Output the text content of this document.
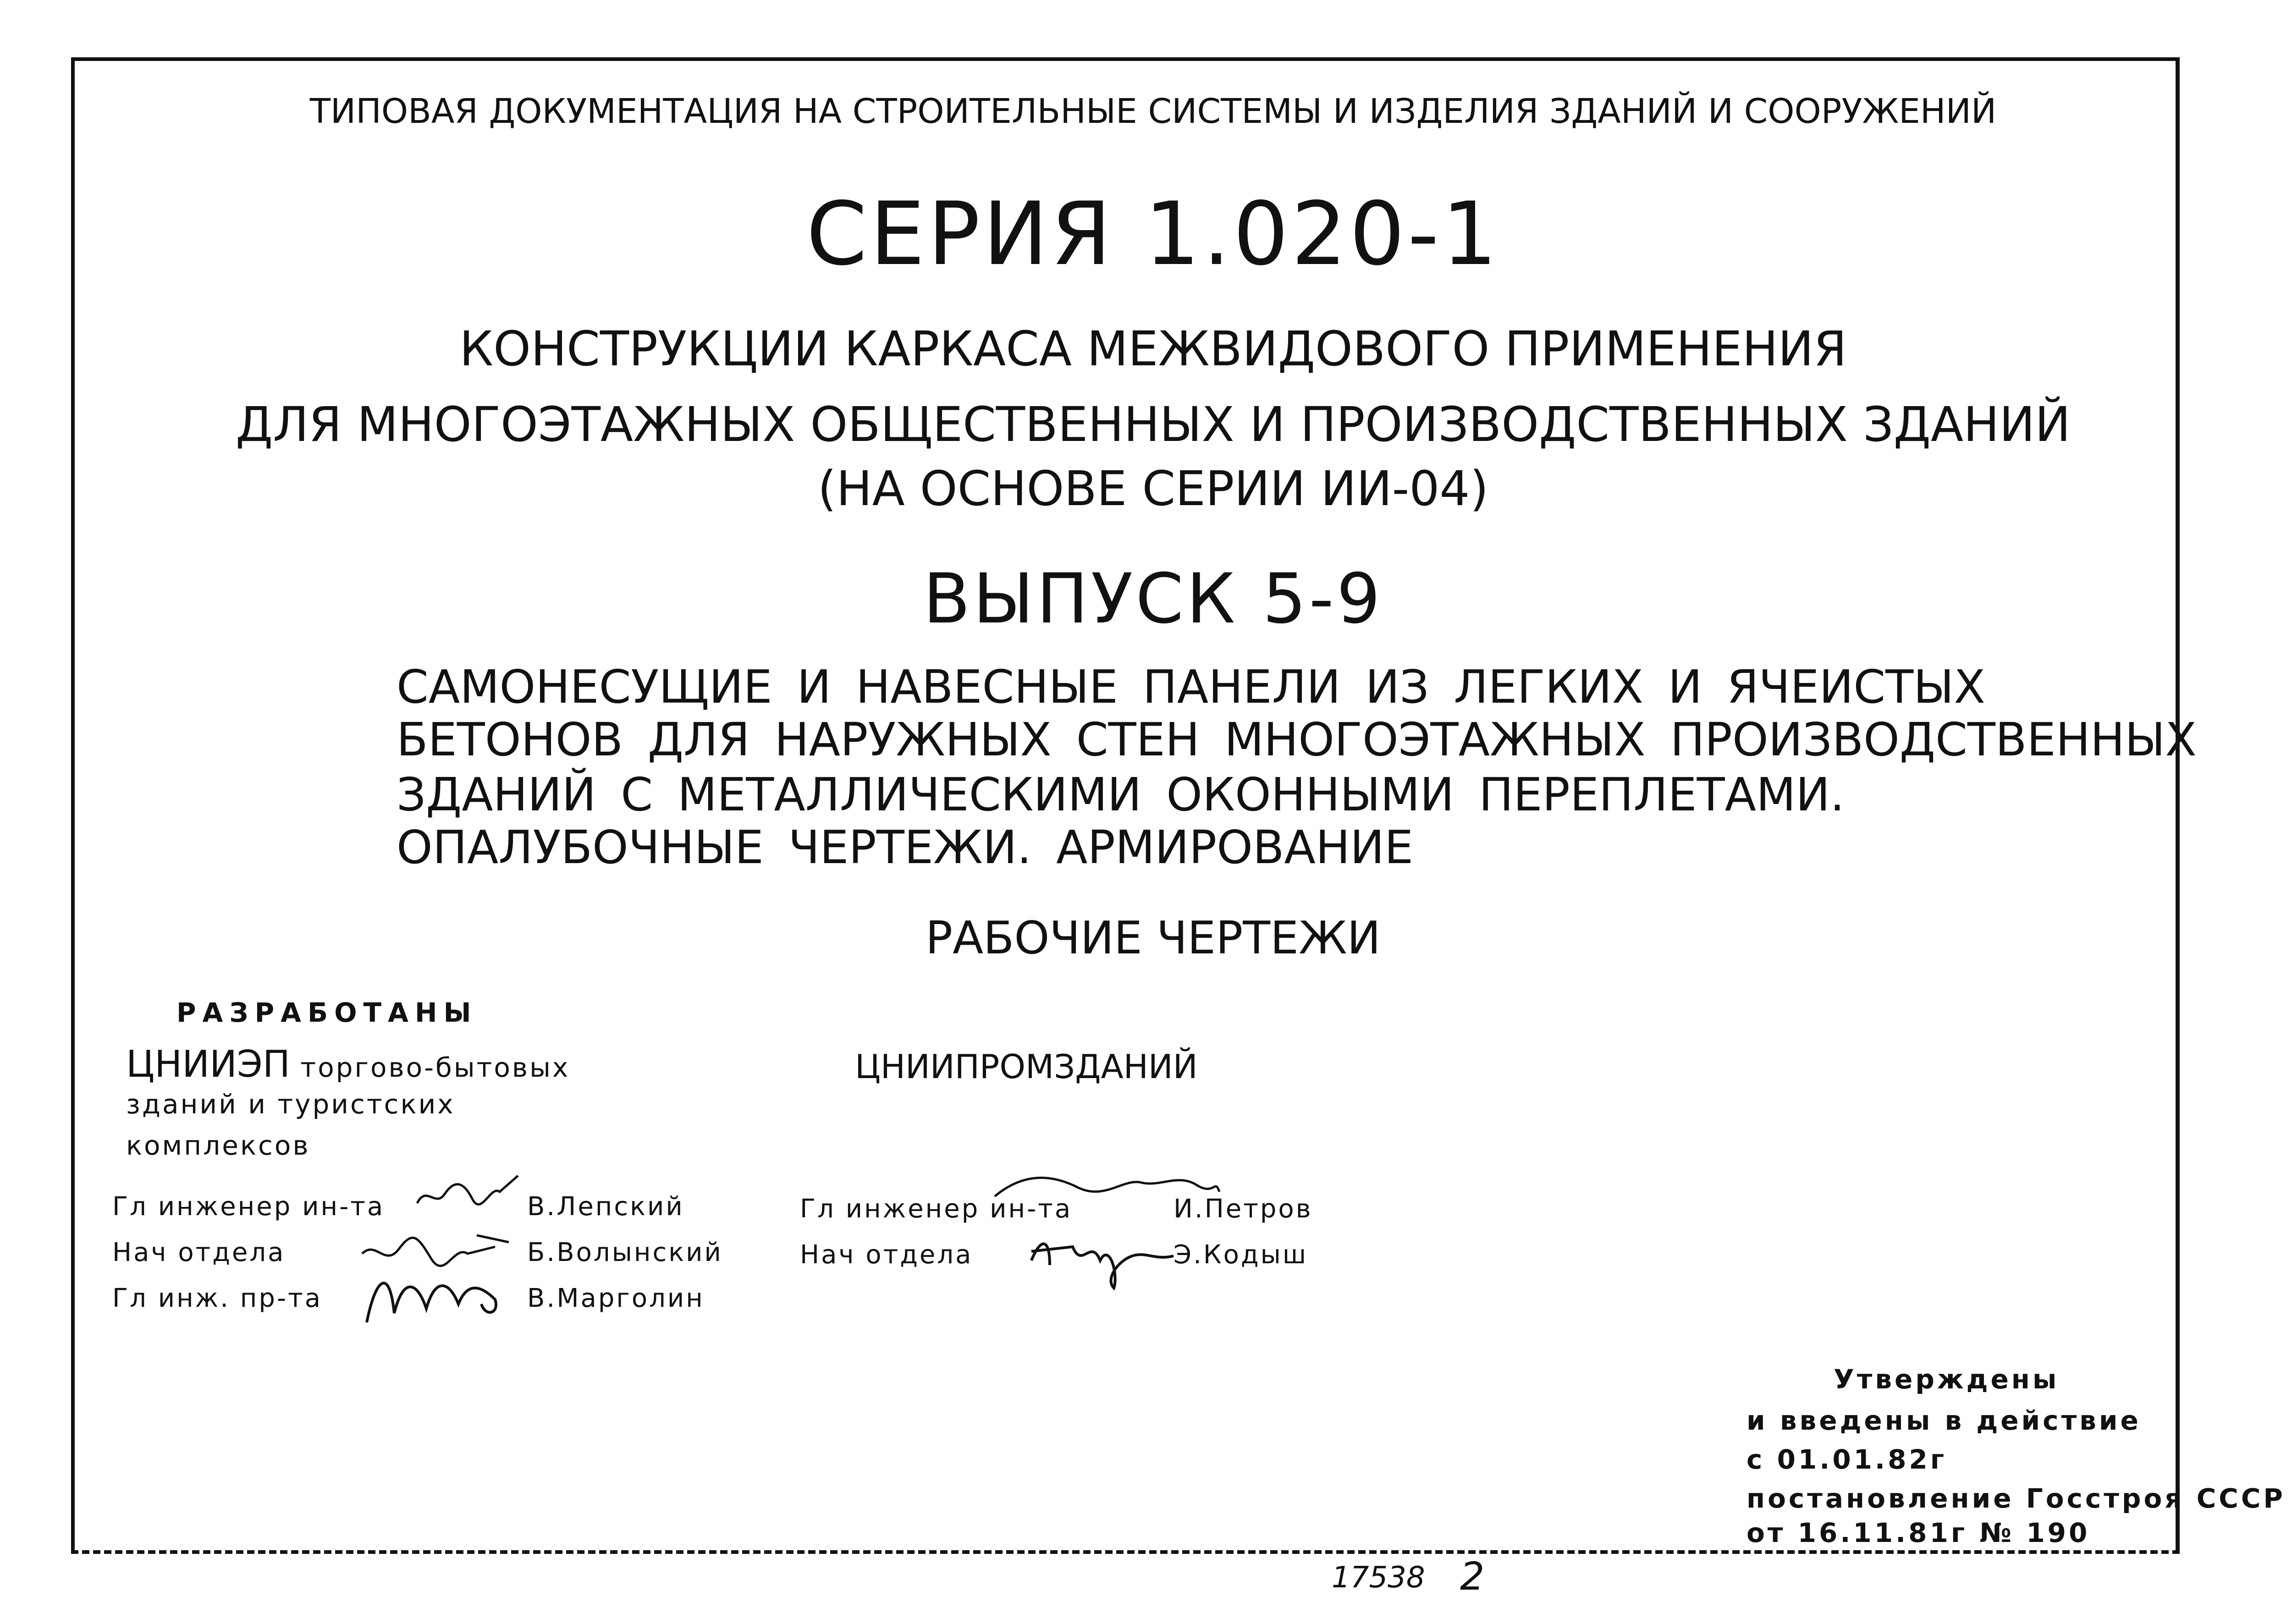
ТИПОВАЯ ДОКУМЕНТАЦИЯ НА СТРОИТЕЛЬНЫЕ СИСТЕМЫ И ИЗДЕЛИЯ ЗДАНИЙ И СООРУЖЕНИЙ
СЕРИЯ 1.020-1
КОНСТРУКЦИИ КАРКАСА МЕЖВИДОВОГО ПРИМЕНЕНИЯ
ДЛЯ МНОГОЭТАЖНЫХ ОБЩЕСТВЕННЫХ И ПРОИЗВОДСТВЕННЫХ ЗДАНИЙ
(НА ОСНОВЕ СЕРИИ ИИ-04)
ВЫПУСК 5-9
САМОНЕСУЩИЕ И НАВЕСНЫЕ ПАНЕЛИ ИЗ ЛЕГКИХ И ЯЧЕИСТЫХ
БЕТОНОВ ДЛЯ НАРУЖНЫХ СТЕН МНОГОЭТАЖНЫХ ПРОИЗВОДСТВЕННЫХ
ЗДАНИЙ С МЕТАЛЛИЧЕСКИМИ ОКОННЫМИ ПЕРЕПЛЕТАМИ.
ОПАЛУБОЧНЫЕ ЧЕРТЕЖИ. АРМИРОВАНИЕ
РАБОЧИЕ ЧЕРТЕЖИ
РАЗРАБОТАНЫ
ЦНИИЭП торгово-бытовых
зданий и туристских
комплексов
ЦНИИПРОМЗДАНИЙ
Гл инженер ин-та	В.Лепский
Нач отдела	Б.Волынский
Гл инж. пр-та	В.Марголин
Гл инженер ин-та	И.Петров
Нач отдела	Э.Кодыш
Утверждены
и введены в действие
с 01.01.82г
постановление Госстроя СССР
от 16.11.81г № 190
17538 2
